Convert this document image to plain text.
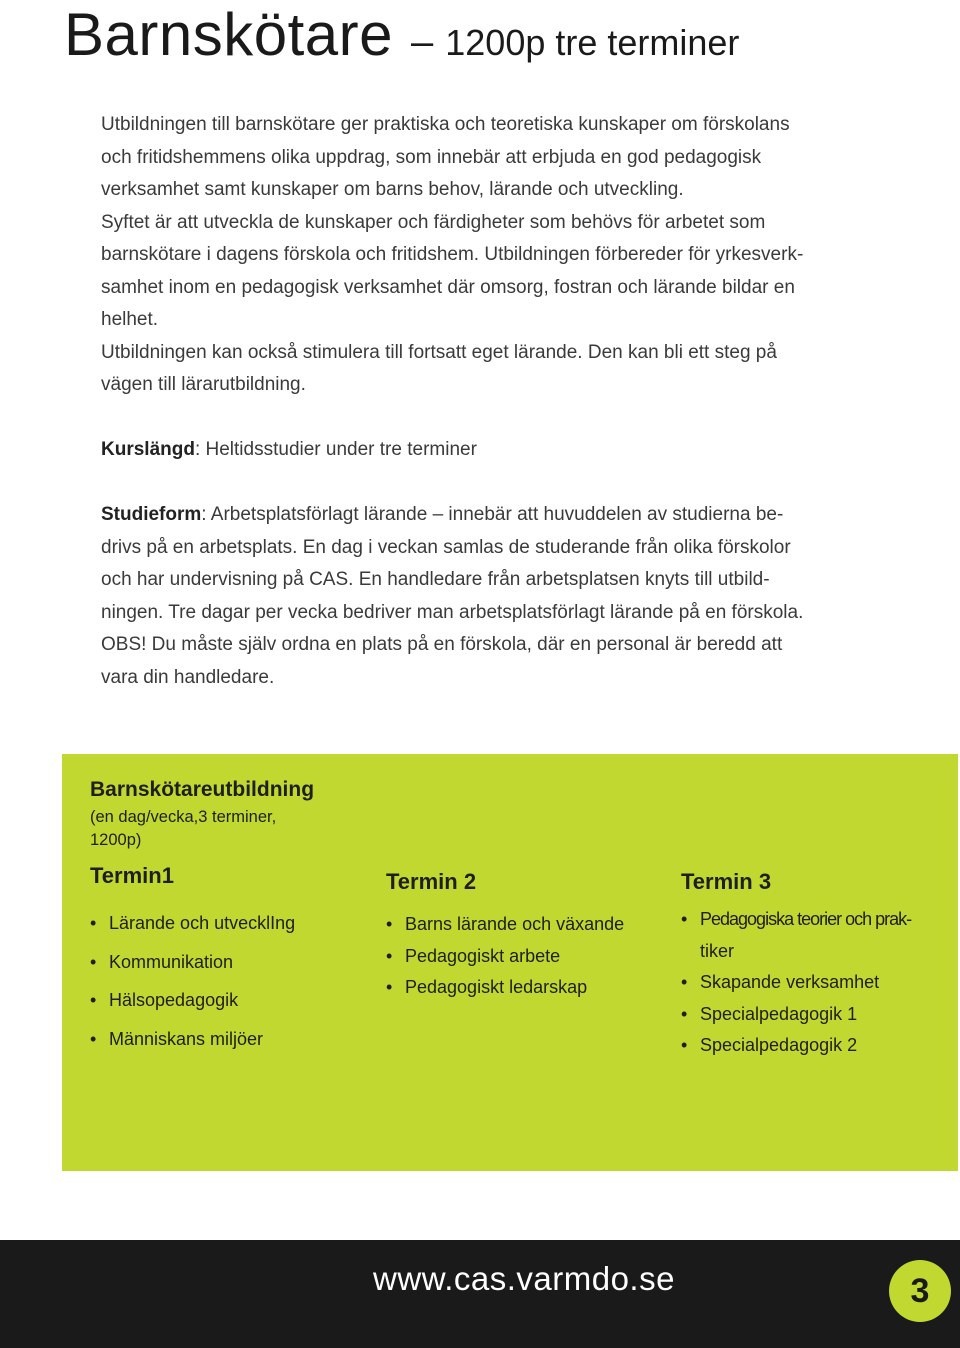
Barnskötare – 1200p tre terminer
Utbildningen till barnskötare ger praktiska och teoretiska kunskaper om förskolans
och fritidshemmens olika uppdrag, som innebär att erbjuda en god pedagogisk
verksamhet samt kunskaper om barns behov, lärande och utveckling.
Syftet är att utveckla de kunskaper och färdigheter som behövs för arbetet som
barnskötare i dagens förskola och fritidshem. Utbildningen förbereder för yrkesverk-
samhet inom en pedagogisk verksamhet där omsorg, fostran och lärande bildar en
helhet.
Utbildningen kan också stimulera till fortsatt eget lärande. Den kan bli ett steg på
vägen till lärarutbildning.
Kurslängd: Heltidsstudier under tre terminer
Studieform: Arbetsplatsförlagt lärande – innebär att huvuddelen av studierna be-
drivs på en arbetsplats. En dag i veckan samlas de studerande från olika förskolor
och har undervisning på CAS. En handledare från arbetsplatsen knyts till utbild-
ningen. Tre dagar per vecka bedriver man arbetsplatsförlagt lärande på en förskola.
OBS! Du måste själv ordna en plats på en förskola, där en personal är beredd att
vara din handledare.
Barnskötareutbildning
(en dag/vecka,3 terminer,
1200p)
Termin1
• Lärande och utvecklIng
• Kommunikation
• Hälsopedagogik
• Människans miljöer
Termin 2
• Barns lärande och växande
• Pedagogiskt arbete
• Pedagogiskt ledarskap
Termin 3
• Pedagogiska teorier och prak-
tiker
• Skapande verksamhet
• Specialpedagogik 1
• Specialpedagogik 2
www.cas.varmdo.se	3
